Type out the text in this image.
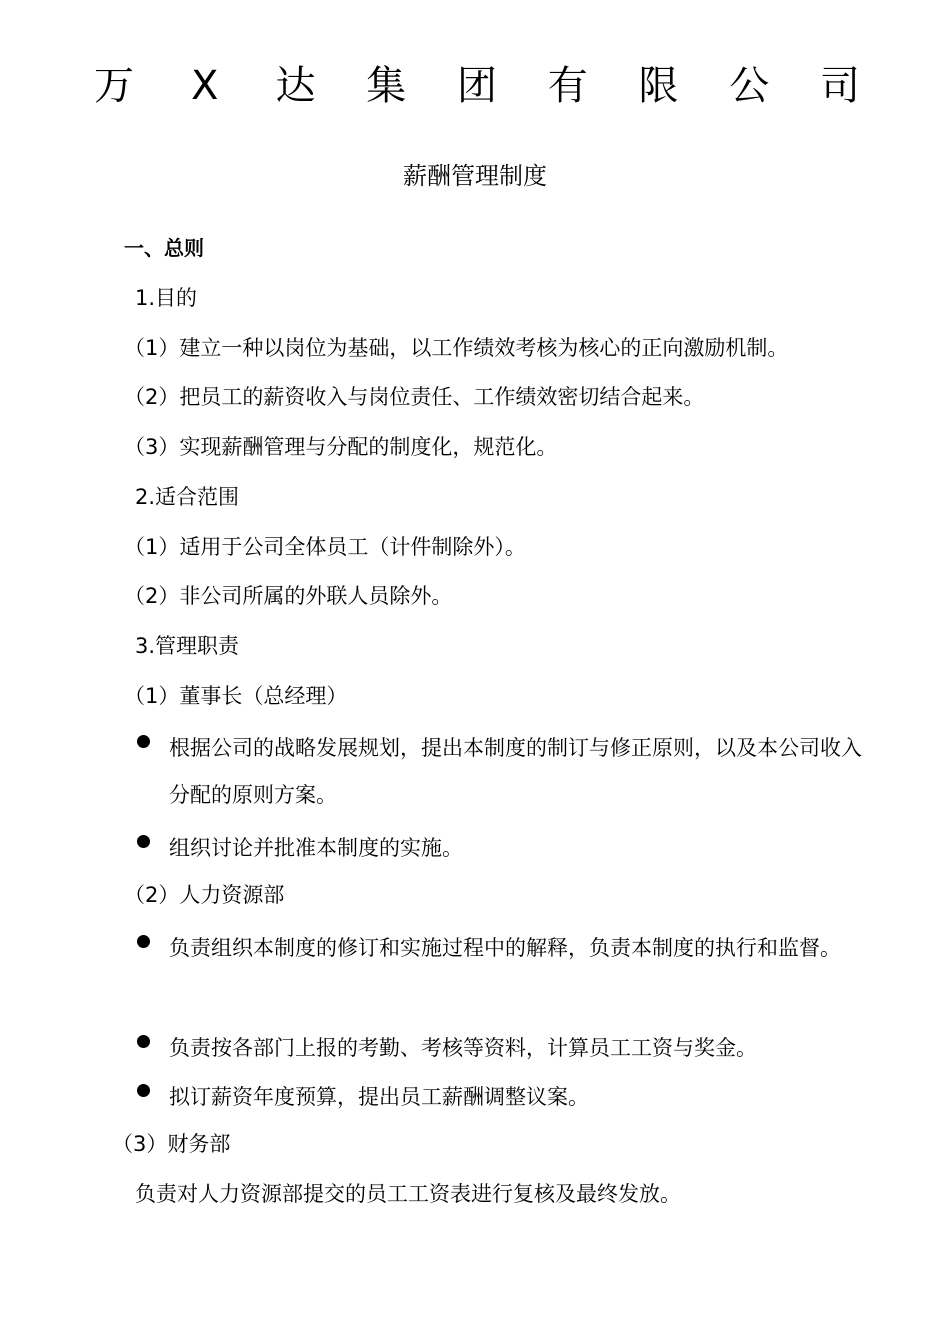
万 X 达 集 团 有 限 公 司
薪酬管理制度
一、总则
1.目的
（1）建立一种以岗位为基础，以工作绩效考核为核心的正向激励机制。
（2）把员工的薪资收入与岗位责任、工作绩效密切结合起来。
（3）实现薪酬管理与分配的制度化，规范化。
2.适合范围
（1）适用于公司全体员工（计件制除外）。
（2）非公司所属的外联人员除外。
3.管理职责
（1）董事长（总经理）
根据公司的战略发展规划，提出本制度的制订与修正原则，以及本公司收入分配的原则方案。
组织讨论并批准本制度的实施。
（2）人力资源部
负责组织本制度的修订和实施过程中的解释，负责本制度的执行和监督。
负责按各部门上报的考勤、考核等资料，计算员工工资与奖金。
拟订薪资年度预算，提出员工薪酬调整议案。
（3）财务部
负责对人力资源部提交的员工工资表进行复核及最终发放。
